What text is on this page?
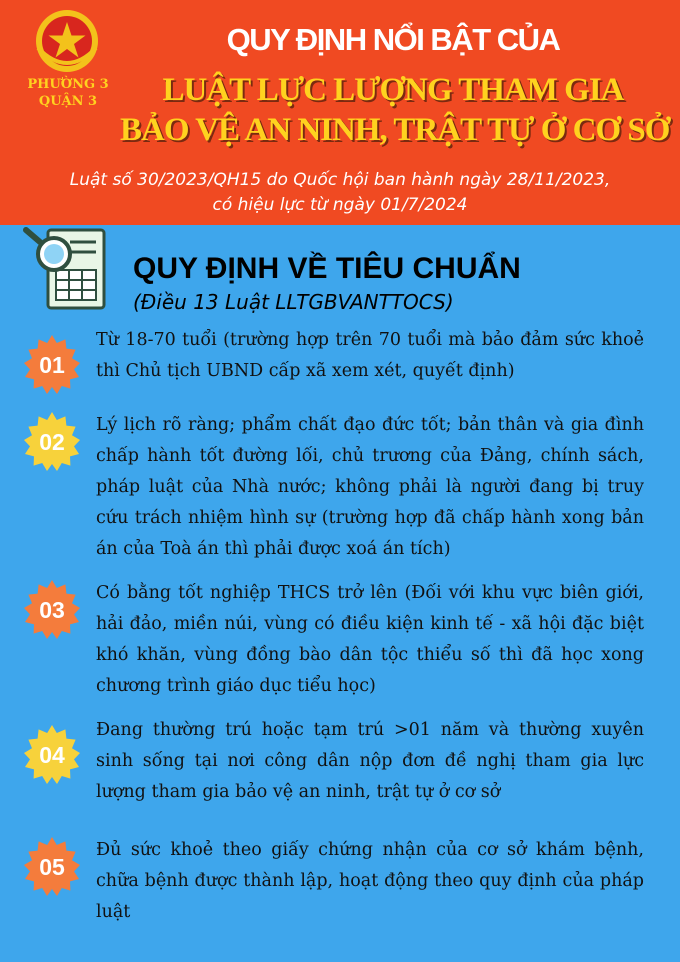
PHƯỜNG 3
QUẬN 3
QUY ĐỊNH NỔI BẬT CỦA
LUẬT LỰC LƯỢNG THAM GIA
BẢO VỆ AN NINH, TRẬT TỰ Ở CƠ SỞ
Luật số 30/2023/QH15 do Quốc hội ban hành ngày 28/11/2023,
có hiệu lực từ ngày 01/7/2024
QUY ĐỊNH VỀ TIÊU CHUẨN
(Điều 13 Luật LLTGBVANTTOCS)
01
Từ 18-70 tuổi (trường hợp trên 70 tuổi mà bảo đảm sức khoẻ thì Chủ tịch UBND cấp xã xem xét, quyết định)
02
Lý lịch rõ ràng; phẩm chất đạo đức tốt; bản thân và gia đình chấp hành tốt đường lối, chủ trương của Đảng, chính sách, pháp luật của Nhà nước; không phải là người đang bị truy cứu trách nhiệm hình sự (trường hợp đã chấp hành xong bản án của Toà án thì phải được xoá án tích)
03
Có bằng tốt nghiệp THCS trở lên (Đối với khu vực biên giới, hải đảo, miền núi, vùng có điều kiện kinh tế - xã hội đặc biệt khó khăn, vùng đồng bào dân tộc thiểu số thì đã học xong chương trình giáo dục tiểu học)
04
Đang thường trú hoặc tạm trú >01 năm và thường xuyên sinh sống tại nơi công dân nộp đơn đề nghị tham gia lực lượng tham gia bảo vệ an ninh, trật tự ở cơ sở
05
Đủ sức khoẻ theo giấy chứng nhận của cơ sở khám bệnh, chữa bệnh được thành lập, hoạt động theo quy định của pháp luật
